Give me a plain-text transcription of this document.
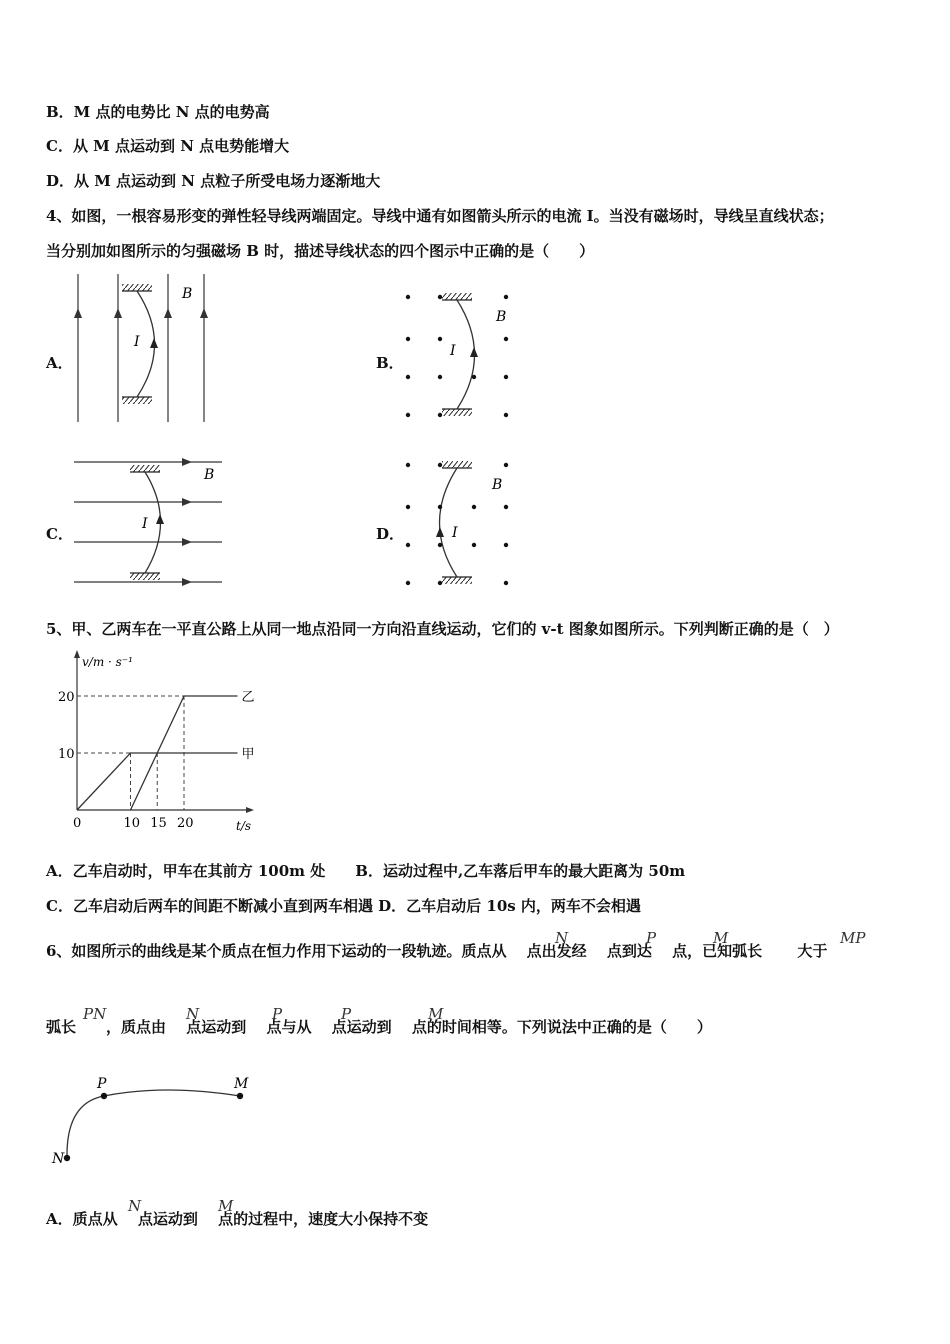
B．M 点的电势比 N 点的电势高
C．从 M 点运动到 N 点电势能增大
D．从 M 点运动到 N 点粒子所受电场力逐渐地大
4、如图，一根容易形变的弹性轻导线两端固定。导线中通有如图箭头所示的电流 I。当没有磁场时，导线呈直线状态；
当分别加如图所示的匀强磁场 B 时，描述导线状态的四个图示中正确的是（　　）
A．	B．
C．	D．
I
B
I
B
I
B
I
B
5、甲、乙两车在一平直公路上从同一地点沿同一方向沿直线运动，它们的 v-t 图象如图所示。下列判断正确的是（　）
甲
乙
0	10 15 20
10
20
v/m · s⁻¹
t/s
A．乙车启动时，甲车在其前方 100m 处　　B．运动过程中,乙车落后甲车的最大距离为 50m
C．乙车启动后两车的间距不断减小直到两车相遇 D．乙车启动后 10s 内，两车不会相遇
6、如图所示的曲线是某个质点在恒力作用下运动的一段轨迹。质点从　 点出发经　 点到达　 点，已知弧长　　 大于
N	P	M	MP
弧长　　，质点由　 点运动到　 点与从　 点运动到　 点的时间相等。下列说法中正确的是（　　）
PN	N	P	P	M
P	M
N
A．质点从　 点运动到　 点的过程中，速度大小保持不变
N	M
